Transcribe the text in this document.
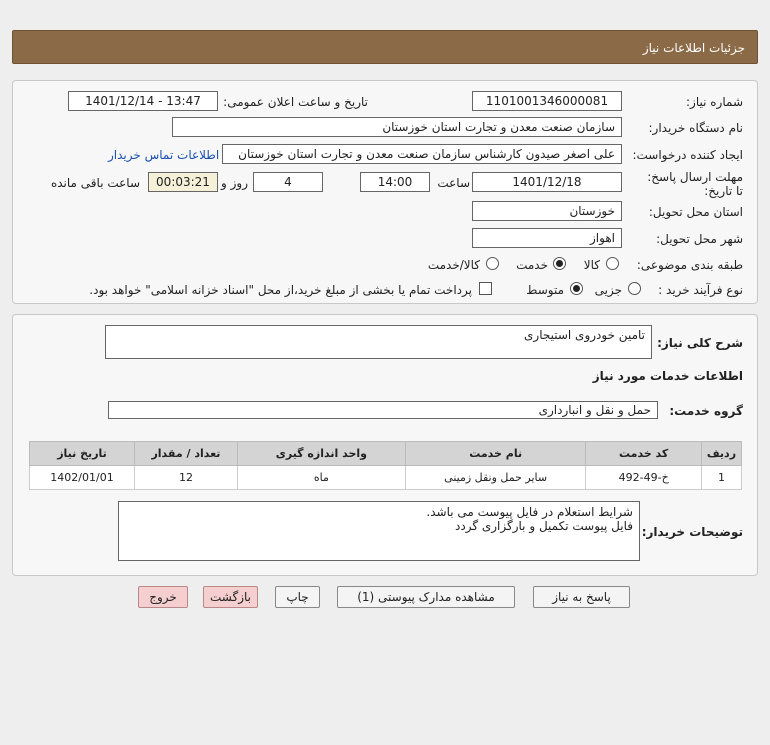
جزئیات اطلاعات نیاز
شماره نیاز:
1101001346000081
تاریخ و ساعت اعلان عمومی:
1401/12/14 - 13:47
نام دستگاه خریدار:
سازمان صنعت معدن و تجارت استان خوزستان
ایجاد کننده درخواست:
علی اصغر صیدون کارشناس سازمان صنعت معدن و تجارت استان خوزستان
اطلاعات تماس خریدار
مهلت ارسال پاسخ: تا تاریخ:
1401/12/18
ساعت
14:00
4
روز و
00:03:21
ساعت باقی مانده
استان محل تحویل:
خوزستان
شهر محل تحویل:
اهواز
طبقه بندی موضوعی:
کالا
خدمت
کالا/خدمت
نوع فرآیند خرید :
جزیی
متوسط
پرداخت تمام یا بخشی از مبلغ خرید،از محل "اسناد خزانه اسلامی" خواهد بود.
ردیف	کد خدمت	نام خدمت	واحد اندازه گیری	تعداد / مقدار	تاریخ نیاز
1	خ-49-492	سایر حمل ونقل زمینی	ماه	12	1402/01/01
شرح کلی نیاز:
تامین خودروی استیجاری
اطلاعات خدمات مورد نیاز
گروه خدمت:
حمل و نقل و انبارداری
توضیحات خریدار:
شرایط استعلام در فایل پیوست می باشد.
فایل پیوست تکمیل و بارگزاری گردد
پاسخ به نیاز
مشاهده مدارک پیوستی (1)
چاپ
بازگشت
خروج
